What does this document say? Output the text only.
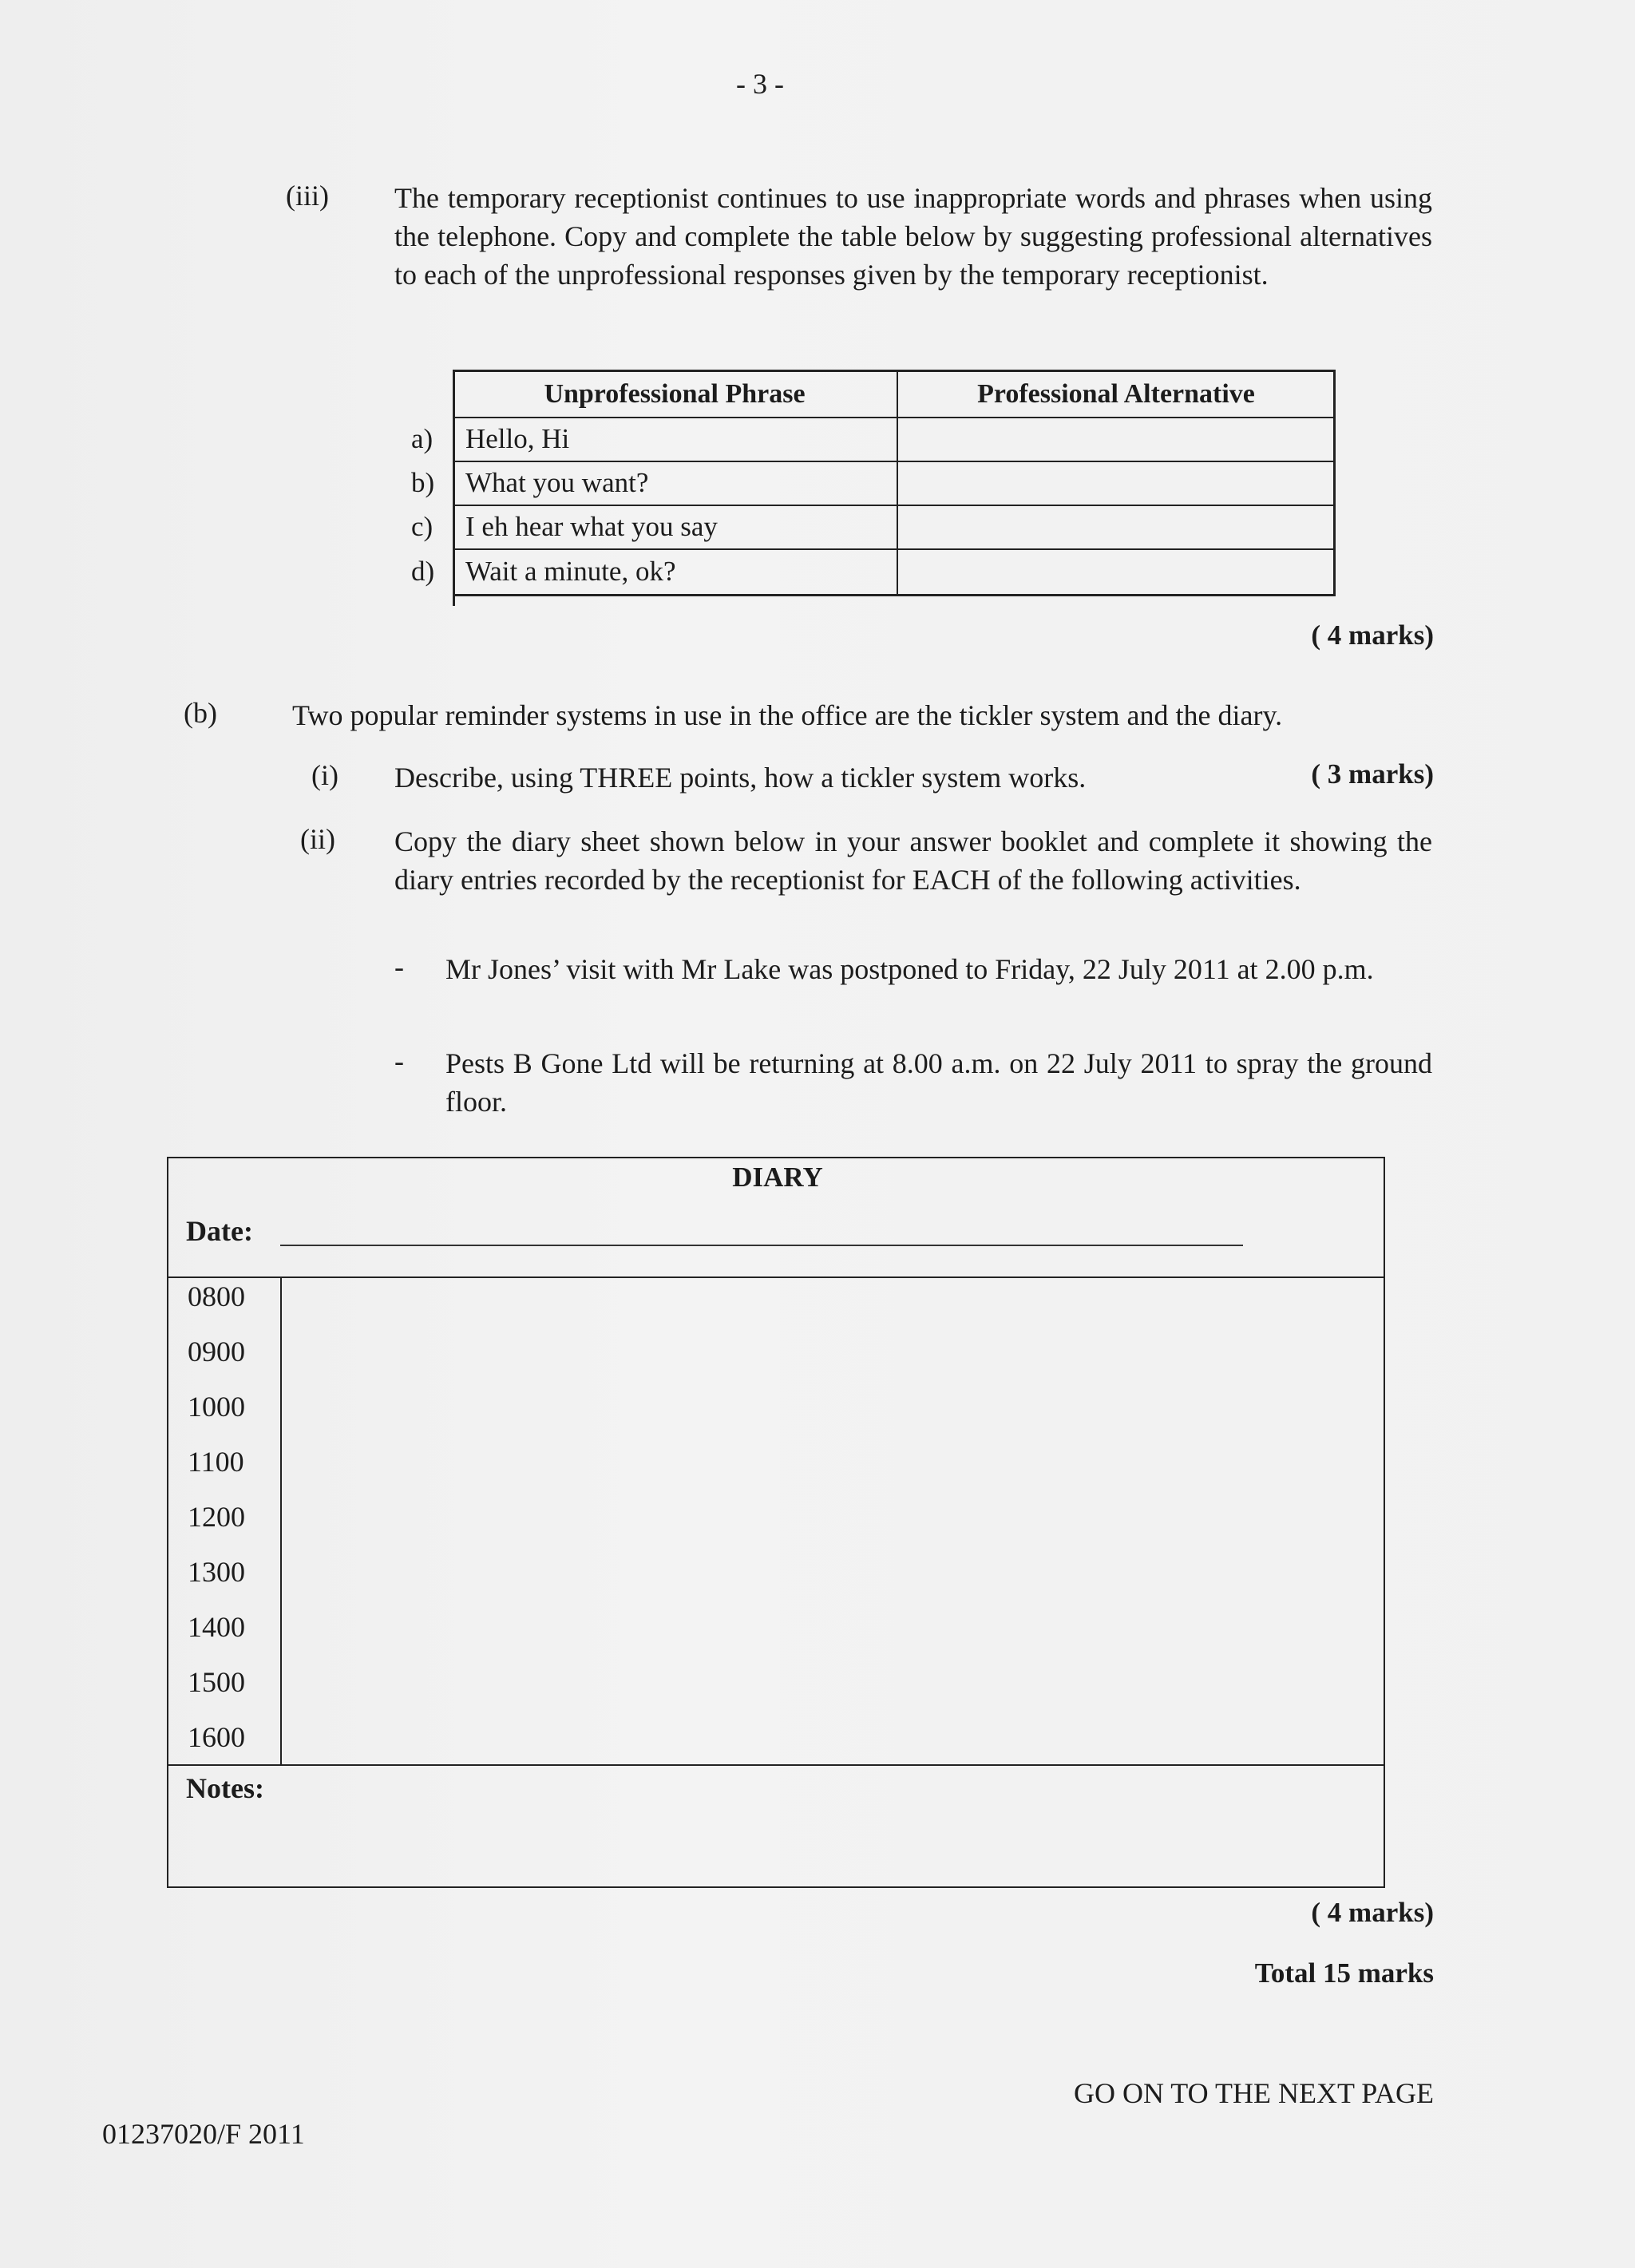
- 3 -
(iii) The temporary receptionist continues to use inappropriate words and phrases when using the telephone. Copy and complete the table below by suggesting professional alternatives to each of the unprofessional responses given by the temporary receptionist.
Unprofessional Phrase	Professional Alternative
a) Hello, Hi
b) What you want?
c) I eh hear what you say
d) Wait a minute, ok?
( 4 marks)
(b)	Two popular reminder systems in use in the office are the tickler system and the diary.
(i) Describe, using THREE points, how a tickler system works.	( 3 marks)
(ii) Copy the diary sheet shown below in your answer booklet and complete it showing the diary entries recorded by the receptionist for EACH of the following activities.
- Mr Jones’ visit with Mr Lake was postponed to Friday, 22 July 2011 at 2.00 p.m.
- Pests B Gone Ltd will be returning at 8.00 a.m. on 22 July 2011 to spray the ground floor.
DIARY
Date:
0800
0900
1000
1100
1200
1300
1400
1500
1600
Notes:
( 4 marks)
Total 15 marks
GO ON TO THE NEXT PAGE
01237020/F 2011
